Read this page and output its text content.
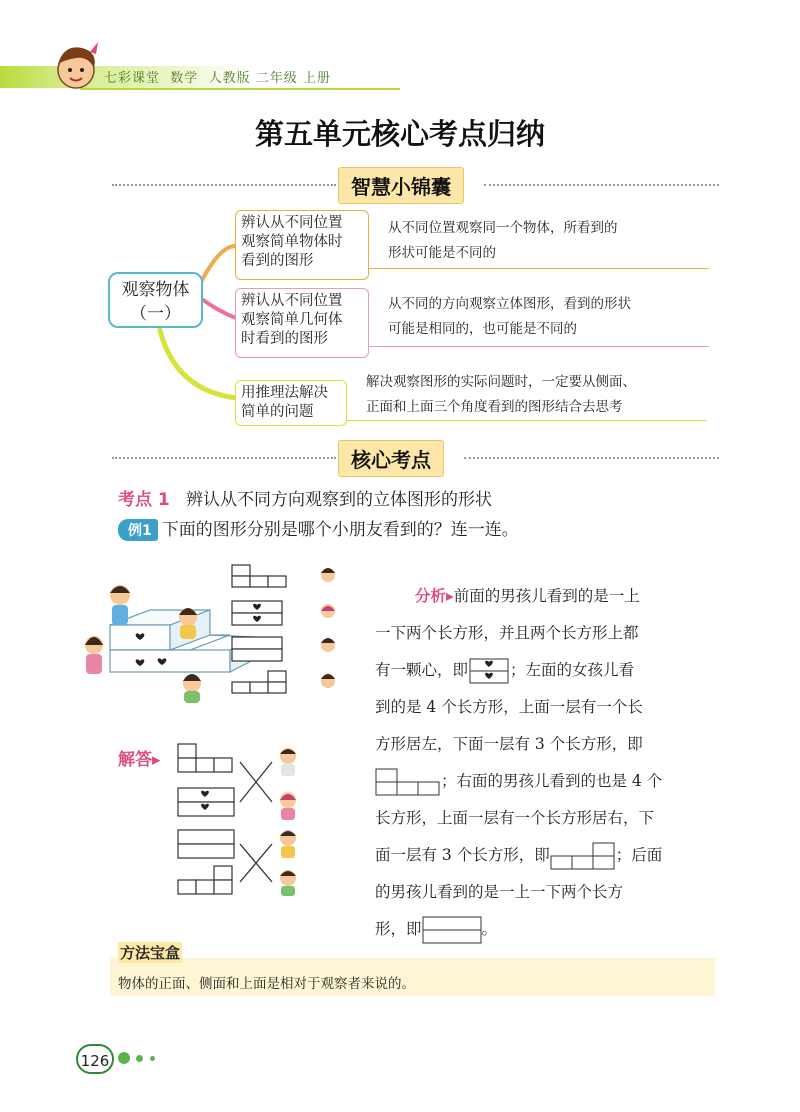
七彩课堂 数学 人教版 二年级 上册
第五单元核心考点归纳
智慧小锦囊
观察物体
（一）
辨认从不同位置
观察简单物体时
看到的图形
从不同位置观察同一个物体，所看到的
形状可能是不同的
辨认从不同位置
观察简单几何体
时看到的图形
从不同的方向观察立体图形，看到的形状
可能是相同的，也可能是不同的
用推理法解决
简单的问题
解决观察图形的实际问题时，一定要从侧面、
正面和上面三个角度看到的图形结合去思考
核心考点
考点 1 辨认从不同方向观察到的立体图形的形状
例1 下面的图形分别是哪个小朋友看到的？连一连。
分析▸前面的男孩儿看到的是一上
一下两个长方形，并且两个长方形上都
有一颗心，即	；左面的女孩儿看
到的是 4 个长方形，上面一层有一个长
方形居左，下面一层有 3 个长方形，即
；右面的男孩儿看到的也是 4 个
长方形，上面一层有一个长方形居右，下
面一层有 3 个长方形，即	；后面
的男孩儿看到的是一上一下两个长方
形，即	。
解答▸
方法宝盒
物体的正面、侧面和上面是相对于观察者来说的。
126
